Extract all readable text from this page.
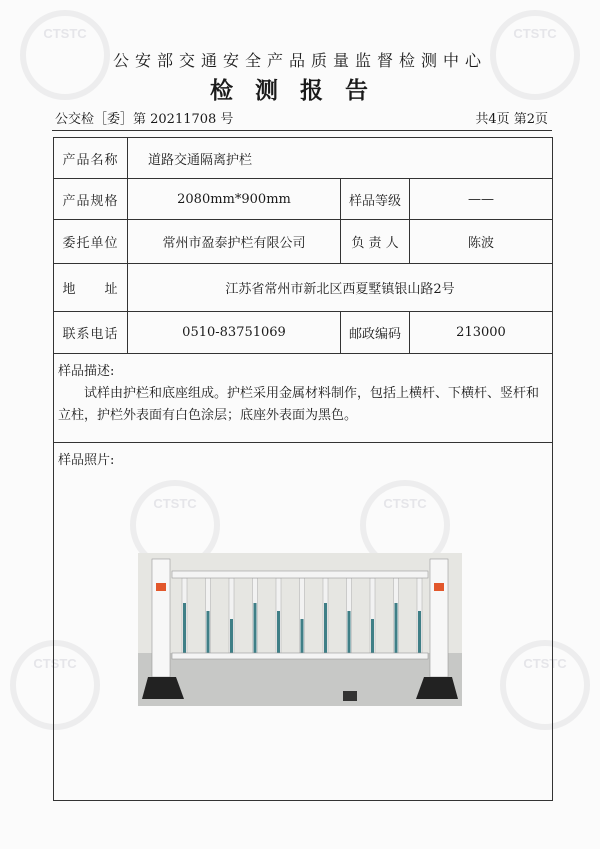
CTSTC	CTSTC
CTSTC
CTSTC
CTSTC
CTSTC
公安部交通安全产品质量监督检测中心
检测报告
公交检［委］第 20211708 号	共4页 第2页
产品名称	道路交通隔离护栏		
产品规格	2080mm*900mm	样品等级	——
委托单位	常州市盈泰护栏有限公司	负 责 人	陈波
地　　址	江苏省常州市新北区西夏墅镇银山路2号		
联系电话	0510-83751069	邮政编码	213000

样品描述:

试样由护栏和底座组成。护栏采用金属材料制作，包括上横杆、下横杆、竖杆和立柱，护栏外表面有白色涂层；底座外表面为黑色。			

样品照片:			
